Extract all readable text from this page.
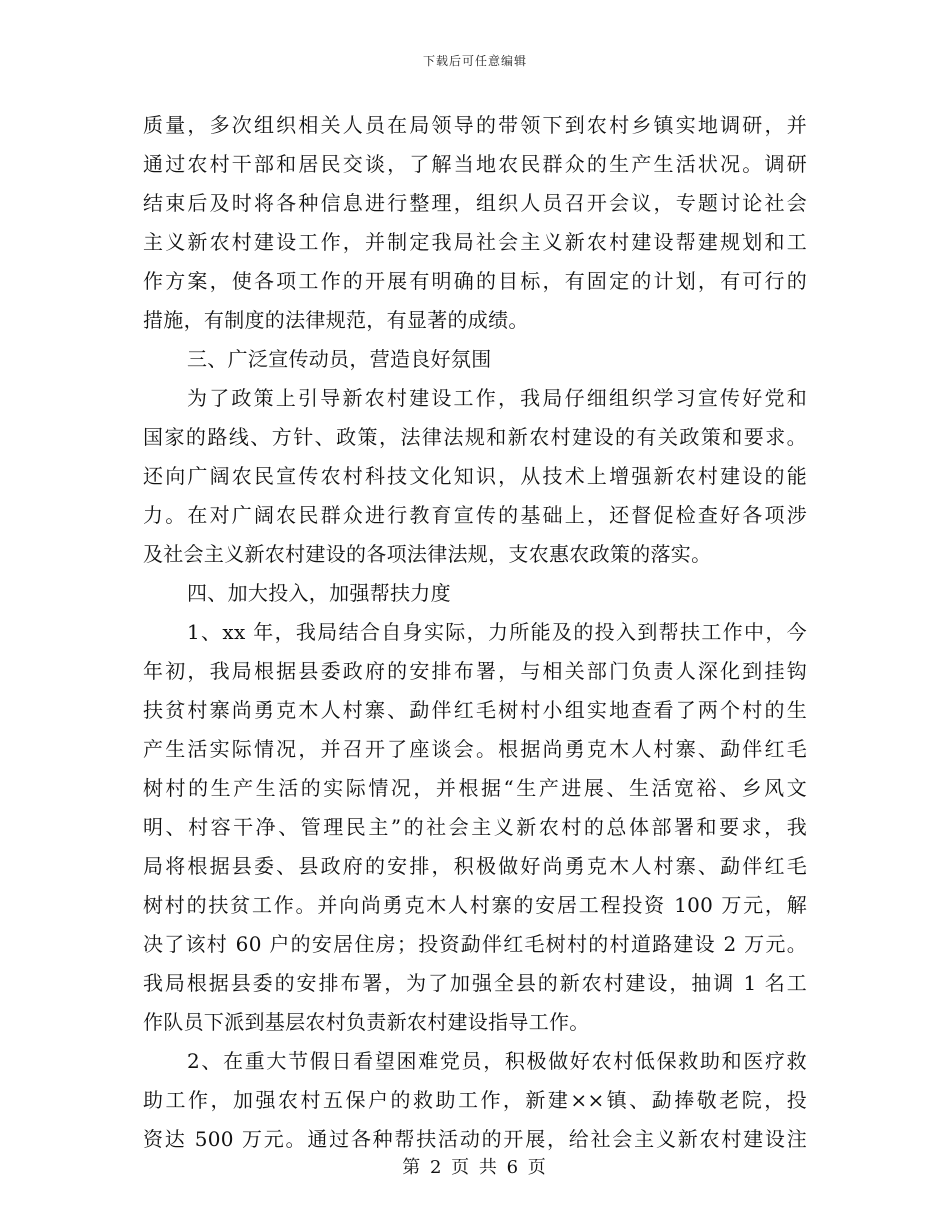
下载后可任意编辑
质量，多次组织相关人员在局领导的带领下到农村乡镇实地调研，并
通过农村干部和居民交谈，了解当地农民群众的生产生活状况。调研
结束后及时将各种信息进行整理，组织人员召开会议，专题讨论社会
主义新农村建设工作，并制定我局社会主义新农村建设帮建规划和工
作方案，使各项工作的开展有明确的目标，有固定的计划，有可行的
措施，有制度的法律规范，有显著的成绩。
三、广泛宣传动员，营造良好氛围
为了政策上引导新农村建设工作，我局仔细组织学习宣传好党和
国家的路线、方针、政策，法律法规和新农村建设的有关政策和要求。
还向广阔农民宣传农村科技文化知识，从技术上增强新农村建设的能
力。在对广阔农民群众进行教育宣传的基础上，还督促检查好各项涉
及社会主义新农村建设的各项法律法规，支农惠农政策的落实。
四、加大投入，加强帮扶力度
1、xx 年，我局结合自身实际，力所能及的投入到帮扶工作中，今
年初，我局根据县委政府的安排布署，与相关部门负责人深化到挂钩
扶贫村寨尚勇克木人村寨、勐伴红毛树村小组实地查看了两个村的生
产生活实际情况，并召开了座谈会。根据尚勇克木人村寨、勐伴红毛
树村的生产生活的实际情况，并根据“生产进展、生活宽裕、乡风文
明、村容干净、管理民主”的社会主义新农村的总体部署和要求，我
局将根据县委、县政府的安排，积极做好尚勇克木人村寨、勐伴红毛
树村的扶贫工作。并向尚勇克木人村寨的安居工程投资 100 万元，解
决了该村 60 户的安居住房；投资勐伴红毛树村的村道路建设 2 万元。
我局根据县委的安排布署，为了加强全县的新农村建设，抽调 1 名工
作队员下派到基层农村负责新农村建设指导工作。
2、在重大节假日看望困难党员，积极做好农村低保救助和医疗救
助工作，加强农村五保户的救助工作，新建××镇、勐捧敬老院，投
资达 500 万元。通过各种帮扶活动的开展，给社会主义新农村建设注
第 2 页 共 6 页
